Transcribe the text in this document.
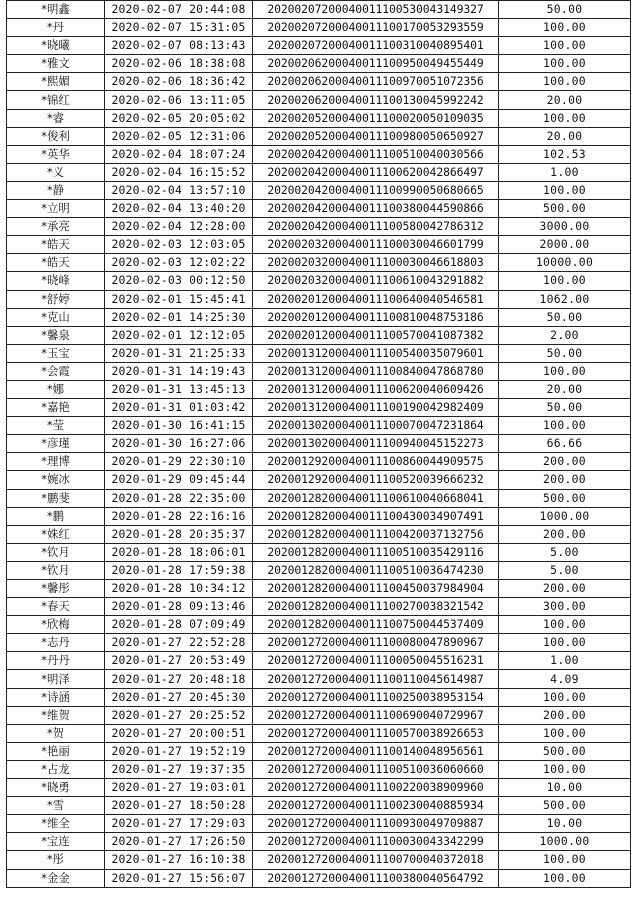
*明鑫	2020-02-07 20:44:08	20200207200040011100530043149327	50.00
*丹	2020-02-07 15:31:05	20200207200040011100170053293559	100.00
*晓曦	2020-02-07 08:13:43	20200207200040011100310040895401	100.00
*雅文	2020-02-06 18:38:08	20200206200040011100950049455449	100.00
*熙媚	2020-02-06 18:36:42	20200206200040011100970051072356	100.00
*锦红	2020-02-06 13:11:05	20200206200040011100130045992242	20.00
*睿	2020-02-05 20:05:02	20200205200040011100020050109035	100.00
*俊利	2020-02-05 12:31:06	20200205200040011100980050650927	20.00
*英华	2020-02-04 18:07:24	20200204200040011100510040030566	102.53
*义	2020-02-04 16:15:52	20200204200040011100620042866497	1.00
*静	2020-02-04 13:57:10	20200204200040011100990050680665	100.00
*立明	2020-02-04 13:40:20	20200204200040011100380044590866	500.00
*承亮	2020-02-04 12:28:00	20200204200040011100580042786312	3000.00
*皓天	2020-02-03 12:03:05	20200203200040011100030046601799	2000.00
*皓天	2020-02-03 12:02:22	20200203200040011100030046618803	10000.00
*晓峰	2020-02-03 00:12:50	20200203200040011100610043291882	100.00
*舒婷	2020-02-01 15:45:41	20200201200040011100640040546581	1062.00
*克山	2020-02-01 14:25:30	20200201200040011100810048753186	50.00
*馨泉	2020-02-01 12:12:05	20200201200040011100570041087382	2.00
*玉宝	2020-01-31 21:25:33	20200131200040011100540035079601	50.00
*会霞	2020-01-31 14:19:43	20200131200040011100840047868780	100.00
*娜	2020-01-31 13:45:13	20200131200040011100620040609426	20.00
*嘉艳	2020-01-31 01:03:42	20200131200040011100190042982409	50.00
*莹	2020-01-30 16:41:15	20200130200040011100070047231864	100.00
*彦瑾	2020-01-30 16:27:06	20200130200040011100940045152273	66.66
*理博	2020-01-29 22:30:10	20200129200040011100860044909575	200.00
*婉冰	2020-01-29 09:45:44	20200129200040011100520039666232	200.00
*鹏斐	2020-01-28 22:35:00	20200128200040011100610040668041	500.00
*鹏	2020-01-28 22:16:16	20200128200040011100430034907491	1000.00
*姝红	2020-01-28 20:35:37	20200128200040011100420037132756	200.00
*钦月	2020-01-28 18:06:01	20200128200040011100510035429116	5.00
*钦月	2020-01-28 17:59:38	20200128200040011100510036474230	5.00
*馨彤	2020-01-28 10:34:12	20200128200040011100450037984904	200.00
*春天	2020-01-28 09:13:46	20200128200040011100270038321542	300.00
*欣梅	2020-01-28 07:09:49	20200128200040011100750044537409	100.00
*志丹	2020-01-27 22:52:28	20200127200040011100080047890967	100.00
*丹丹	2020-01-27 20:53:49	20200127200040011100050045516231	1.00
*明泽	2020-01-27 20:48:18	20200127200040011100110045614987	4.09
*诗涵	2020-01-27 20:45:30	20200127200040011100250038953154	100.00
*维贺	2020-01-27 20:25:52	20200127200040011100690040729967	200.00
*贺	2020-01-27 20:00:51	20200127200040011100570038926653	100.00
*艳丽	2020-01-27 19:52:19	20200127200040011100140048956561	500.00
*占龙	2020-01-27 19:37:35	20200127200040011100510036060660	100.00
*晓勇	2020-01-27 19:03:01	20200127200040011100220038909960	10.00
*雪	2020-01-27 18:50:28	20200127200040011100230040885934	500.00
*维全	2020-01-27 17:29:03	20200127200040011100930049709887	10.00
*宝连	2020-01-27 17:26:50	20200127200040011100030043342299	1000.00
*彤	2020-01-27 16:10:38	20200127200040011100700040372018	100.00
*金金	2020-01-27 15:56:07	20200127200040011100380040564792	100.00
